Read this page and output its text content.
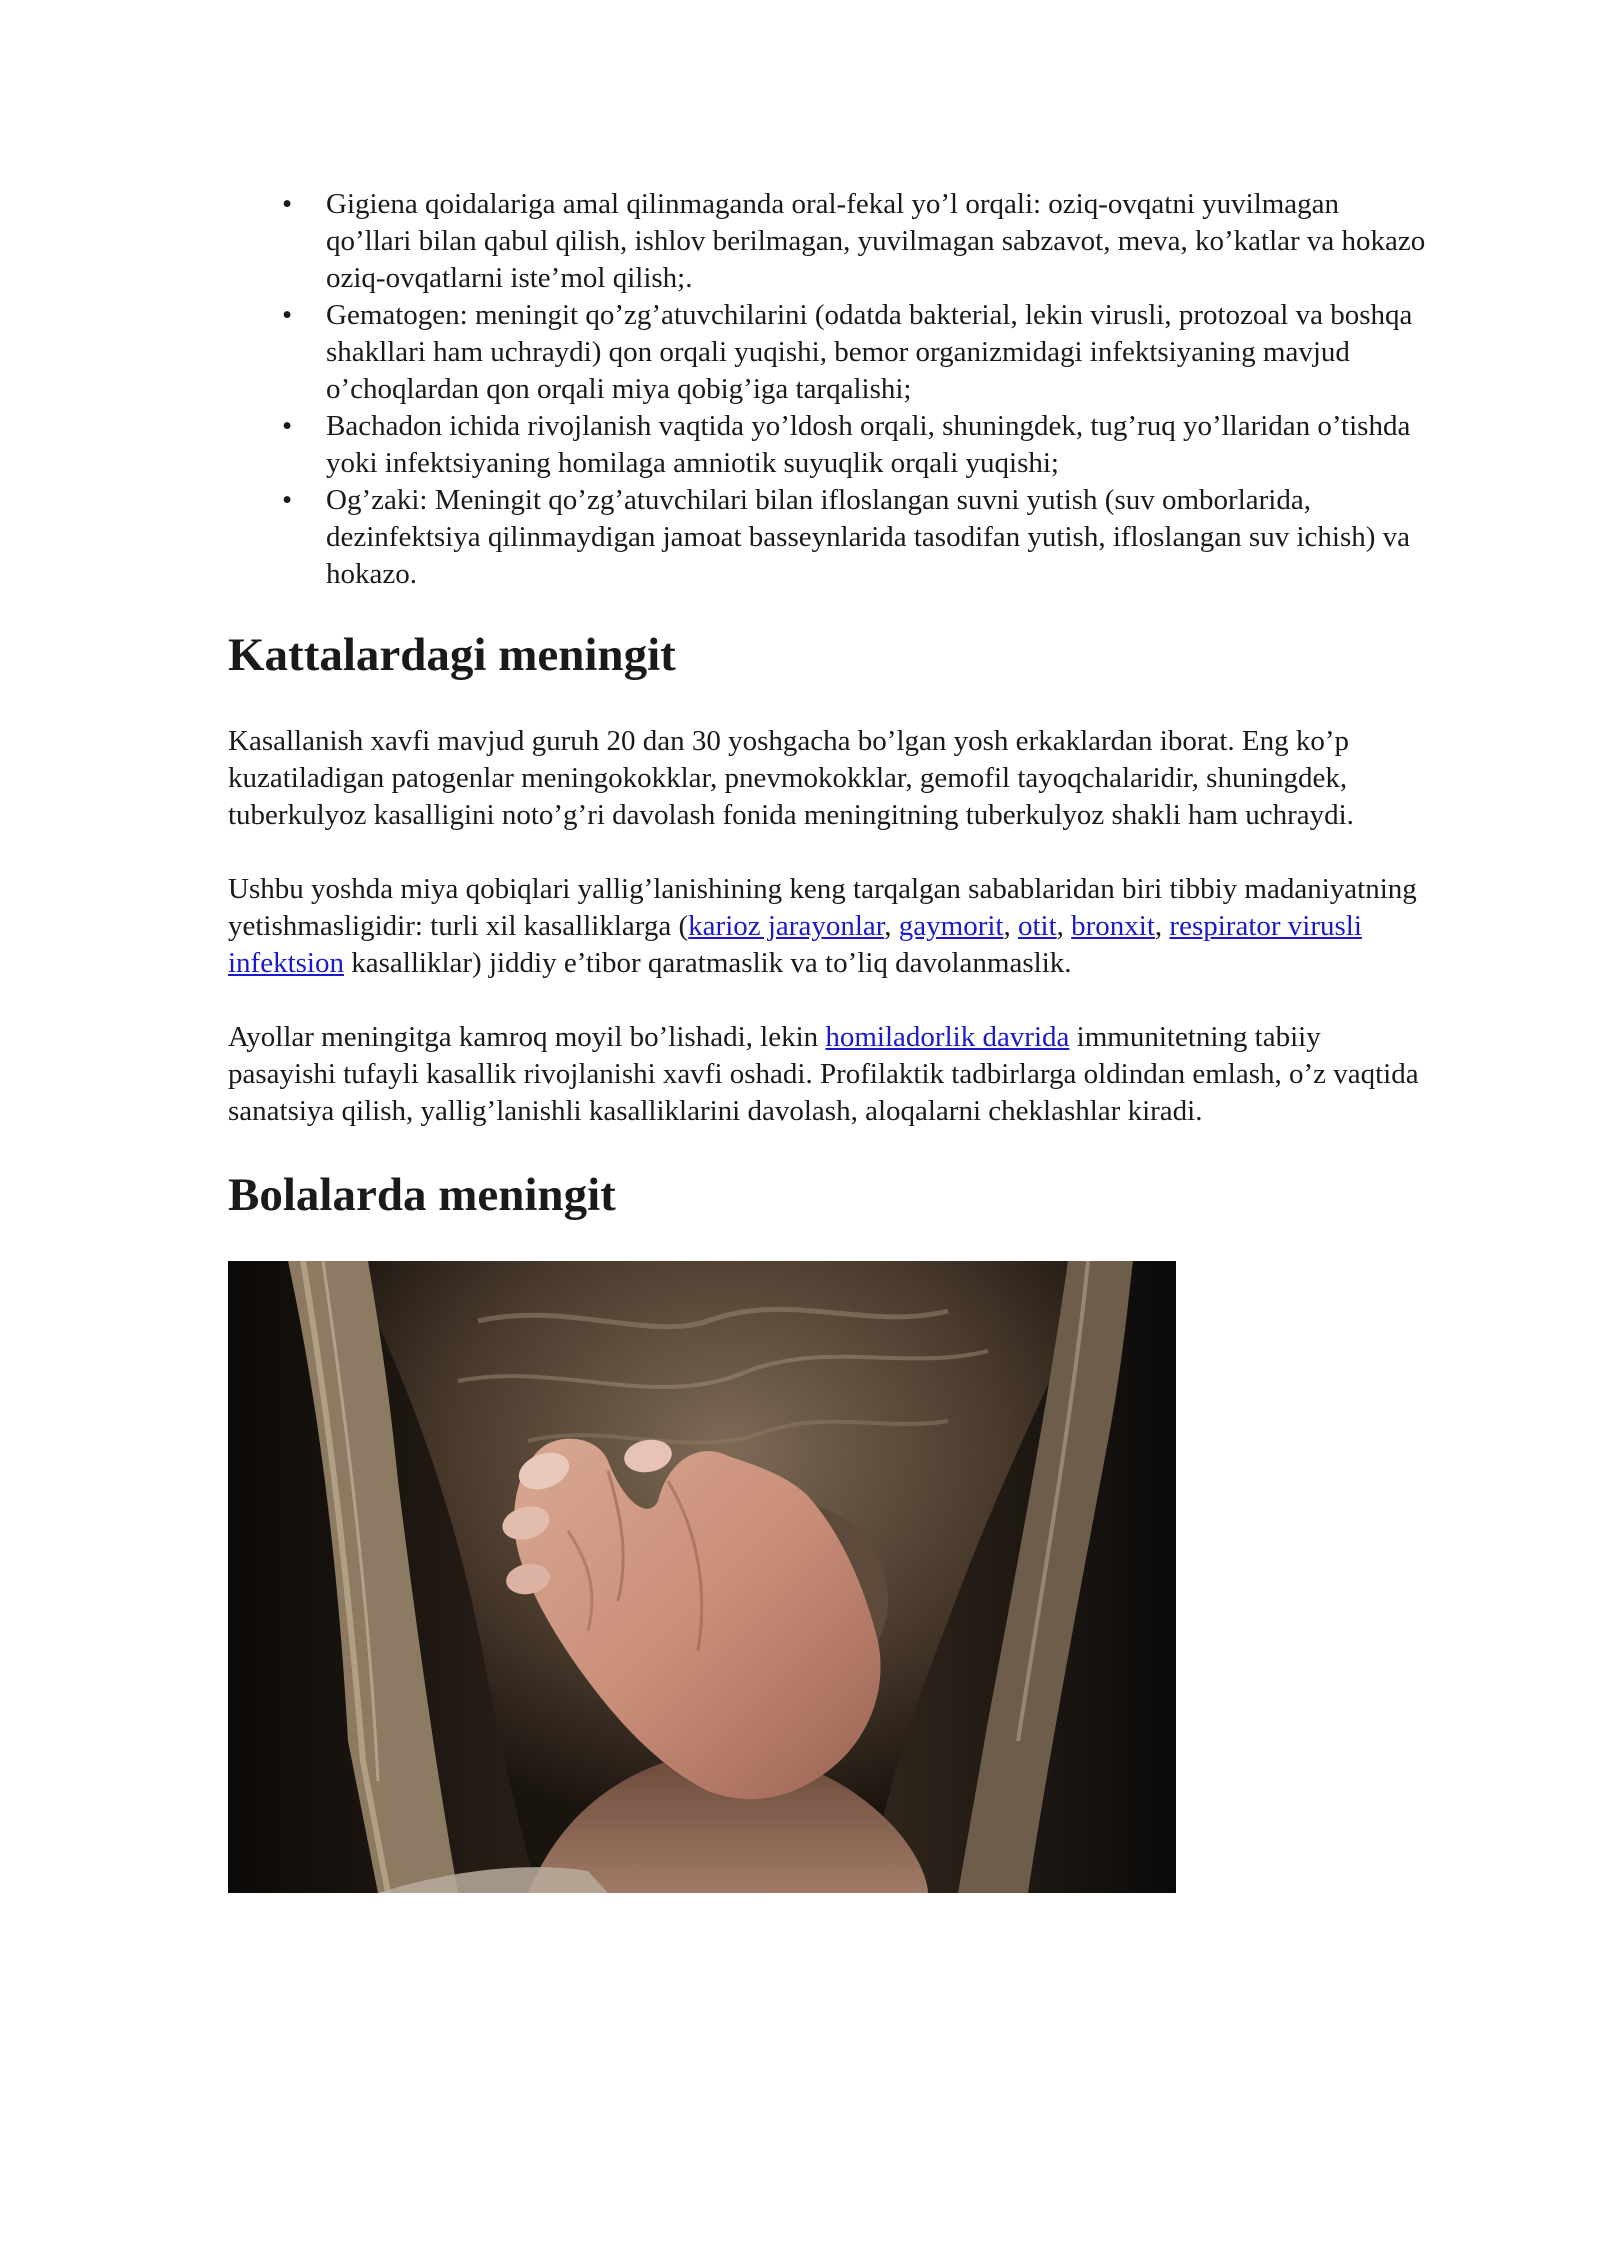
• Gigiena qoidalariga amal qilinmaganda oral-fekal yo’l orqali: oziq-ovqatni yuvilmagan qo’llari bilan qabul qilish, ishlov berilmagan, yuvilmagan sabzavot, meva, ko’katlar va hokazo oziq-ovqatlarni iste’mol qilish;.
• Gematogen: meningit qo’zg’atuvchilarini (odatda bakterial, lekin virusli, protozoal va boshqa shakllari ham uchraydi) qon orqali yuqishi, bemor organizmidagi infektsiyaning mavjud o’choqlardan qon orqali miya qobig’iga tarqalishi;
• Bachadon ichida rivojlanish vaqtida yo’ldosh orqali, shuningdek, tug’ruq yo’llaridan o’tishda yoki infektsiyaning homilaga amniotik suyuqlik orqali yuqishi;
• Og’zaki: Meningit qo’zg’atuvchilari bilan ifloslangan suvni yutish (suv omborlarida, dezinfektsiya qilinmaydigan jamoat basseynlarida tasodifan yutish, ifloslangan suv ichish) va hokazo.
Kattalardagi meningit

Kasallanish xavfi mavjud guruh 20 dan 30 yoshgacha bo’lgan yosh erkaklardan iborat. Eng ko’p kuzatiladigan patogenlar meningokokklar, pnevmokokklar, gemofil tayoqchalaridir, shuningdek, tuberkulyoz kasalligini noto’g’ri davolash fonida meningitning tuberkulyoz shakli ham uchraydi.

Ushbu yoshda miya qobiqlari yallig’lanishining keng tarqalgan sabablaridan biri tibbiy madaniyatning yetishmasligidir: turli xil kasalliklarga (karioz jarayonlar, gaymorit, otit, bronxit, respirator virusli infektsion kasalliklar) jiddiy e’tibor qaratmaslik va to’liq davolanmaslik.

Ayollar meningitga kamroq moyil bo’lishadi, lekin homiladorlik davrida immunitetning tabiiy pasayishi tufayli kasallik rivojlanishi xavfi oshadi. Profilaktik tadbirlarga oldindan emlash, o’z vaqtida sanatsiya qilish, yallig’lanishli kasalliklarini davolash, aloqalarni cheklashlar kiradi.

Bolalarda meningit
